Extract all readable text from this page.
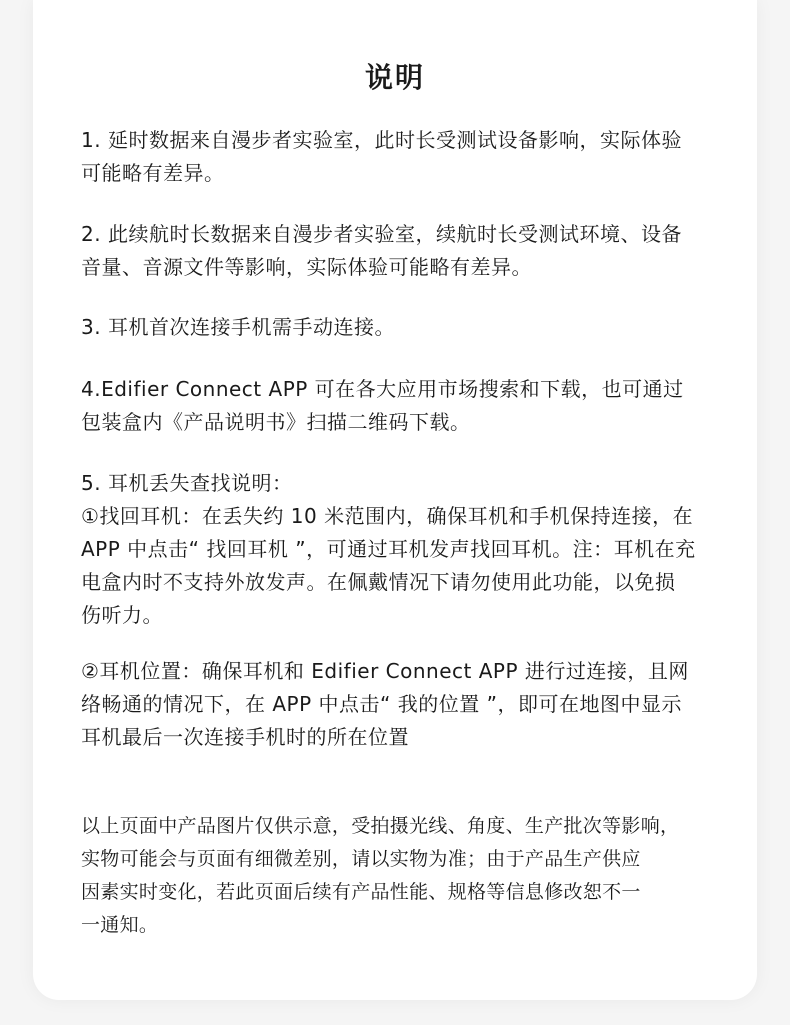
说明
1. 延时数据来自漫步者实验室，此时长受测试设备影响，实际体验
可能略有差异。
2. 此续航时长数据来自漫步者实验室，续航时长受测试环境、设备
音量、音源文件等影响，实际体验可能略有差异。
3. 耳机首次连接手机需手动连接。
4.Edifier Connect APP 可在各大应用市场搜索和下载，也可通过
包装盒内《产品说明书》扫描二维码下载。
5. 耳机丢失查找说明：
①找回耳机：在丢失约 10 米范围内，确保耳机和手机保持连接，在
APP 中点击“ 找回耳机 ”，可通过耳机发声找回耳机。注：耳机在充
电盒内时不支持外放发声。在佩戴情况下请勿使用此功能，以免损
伤听力。
②耳机位置：确保耳机和 Edifier Connect APP 进行过连接，且网
络畅通的情况下，在 APP 中点击“ 我的位置 ”，即可在地图中显示
耳机最后一次连接手机时的所在位置
以上页面中产品图片仅供示意，受拍摄光线、角度、生产批次等影响，
实物可能会与页面有细微差别，请以实物为准；由于产品生产供应
因素实时变化，若此页面后续有产品性能、规格等信息修改恕不一
一通知。
